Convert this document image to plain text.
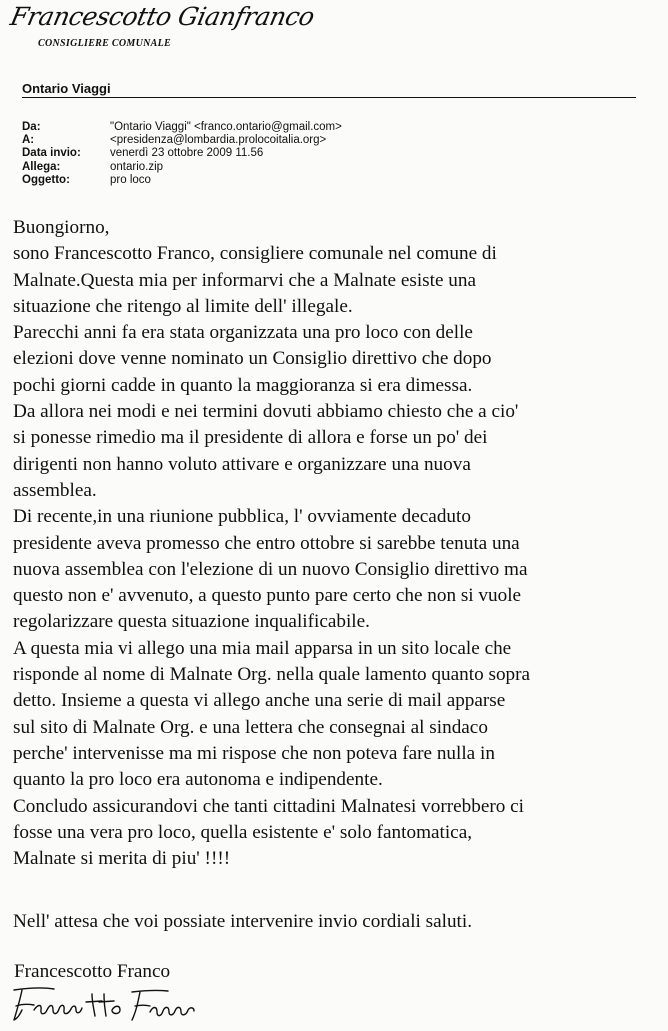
Francescotto Gianfranco
CONSIGLIERE COMUNALE
Ontario Viaggi
Da:	"Ontario Viaggi" <franco.ontario@gmail.com>
A:	<presidenza@lombardia.prolocoitalia.org>
Data invio:	venerdì 23 ottobre 2009 11.56
Allega:	ontario.zip
Oggetto:	pro loco
Buongiorno,
sono Francescotto Franco, consigliere comunale nel comune di
Malnate.Questa mia per informarvi che a Malnate esiste una
situazione che ritengo al limite dell' illegale.
Parecchi anni fa era stata organizzata una pro loco con delle
elezioni dove venne nominato un Consiglio direttivo che dopo
pochi giorni cadde in quanto la maggioranza si era dimessa.
Da allora nei modi e nei termini dovuti abbiamo chiesto che a cio'
si ponesse rimedio ma il presidente di allora e forse un po' dei
dirigenti non hanno voluto attivare e organizzare una nuova
assemblea.
Di recente,in una riunione pubblica, l' ovviamente decaduto
presidente aveva promesso che entro ottobre si sarebbe tenuta una
nuova assemblea con l'elezione di un nuovo Consiglio direttivo ma
questo non e' avvenuto, a questo punto pare certo che non si vuole
regolarizzare questa situazione inqualificabile.
A questa mia vi allego una mia mail apparsa in un sito locale che
risponde al nome di Malnate Org. nella quale lamento quanto sopra
detto. Insieme a questa vi allego anche una serie di mail apparse
sul sito di Malnate Org. e una lettera che consegnai al sindaco
perche' intervenisse ma mi rispose che non poteva fare nulla in
quanto la pro loco era autonoma e indipendente.
Concludo assicurandovi che tanti cittadini Malnatesi vorrebbero ci
fosse una vera pro loco, quella esistente e' solo fantomatica,
Malnate si merita di piu' !!!!
Nell' attesa che voi possiate intervenire invio cordiali saluti.
Francescotto Franco
